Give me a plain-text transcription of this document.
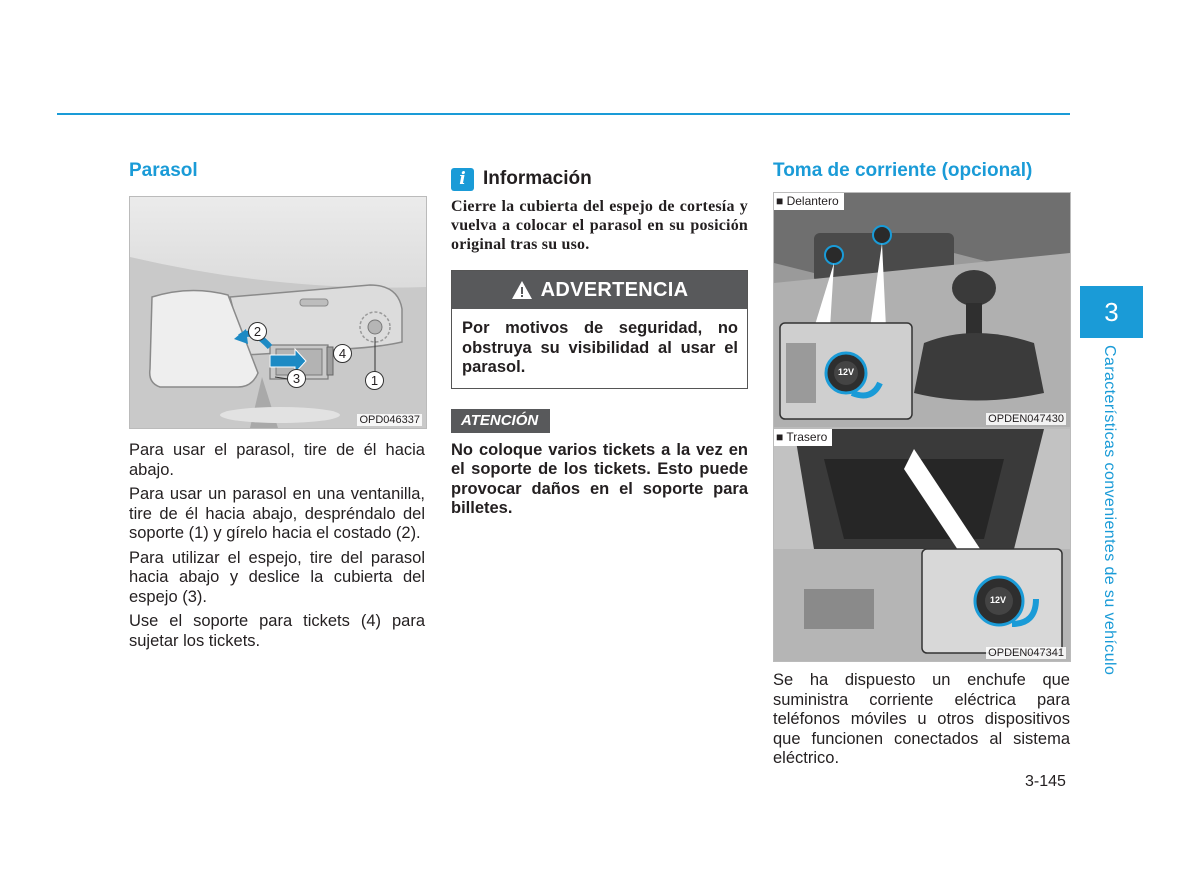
Parasol
2
4
3	1
OPD046337

Para usar el parasol, tire de él hacia abajo.

Para usar un parasol en una ventanilla, tire de él hacia abajo, despréndalo del soporte (1) y gírelo hacia el costado (2).

Para utilizar el espejo, tire del parasol hacia abajo y deslice la cubierta del espejo (3).

Use el soporte para tickets (4) para sujetar los tickets.

i Información
Cierre la cubierta del espejo de cortesía y vuelva a colocar el parasol en su posición original tras su uso.
ADVERTENCIA
Por motivos de seguridad, no obstruya su visibilidad al usar el parasol.
ATENCIÓN
No coloque varios tickets a la vez en el soporte de los tickets. Esto puede provocar daños en el soporte para billetes.
Toma de corriente (opcional)
12V
■ Delantero
OPDEN047430
12V
■ Trasero
OPDEN047341

Se ha dispuesto un enchufe que suministra corriente eléctrica para teléfonos móviles u otros dispositivos que funcionen conectados al sistema eléctrico.

3
Características convenientes de su vehículo
3-145
